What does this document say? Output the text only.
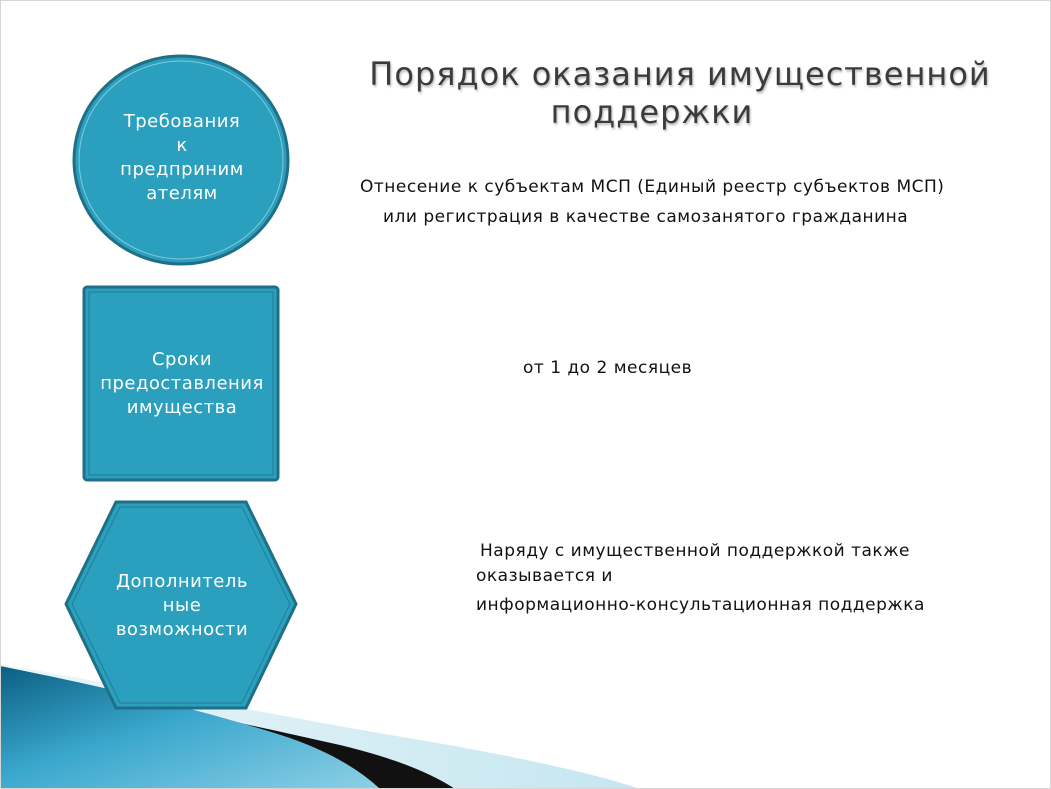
Порядок оказания имущественной
поддержки
Требования
к
предприним
ателям
Сроки
предоставления
имущества
Дополнитель
ные
возможности
Отнесение к субъектам МСП (Единый реестр субъектов МСП)
или регистрация в качестве самозанятого гражданина
от 1 до 2 месяцев
Наряду с имущественной поддержкой также
оказывается и
информационно-консультационная поддержка
